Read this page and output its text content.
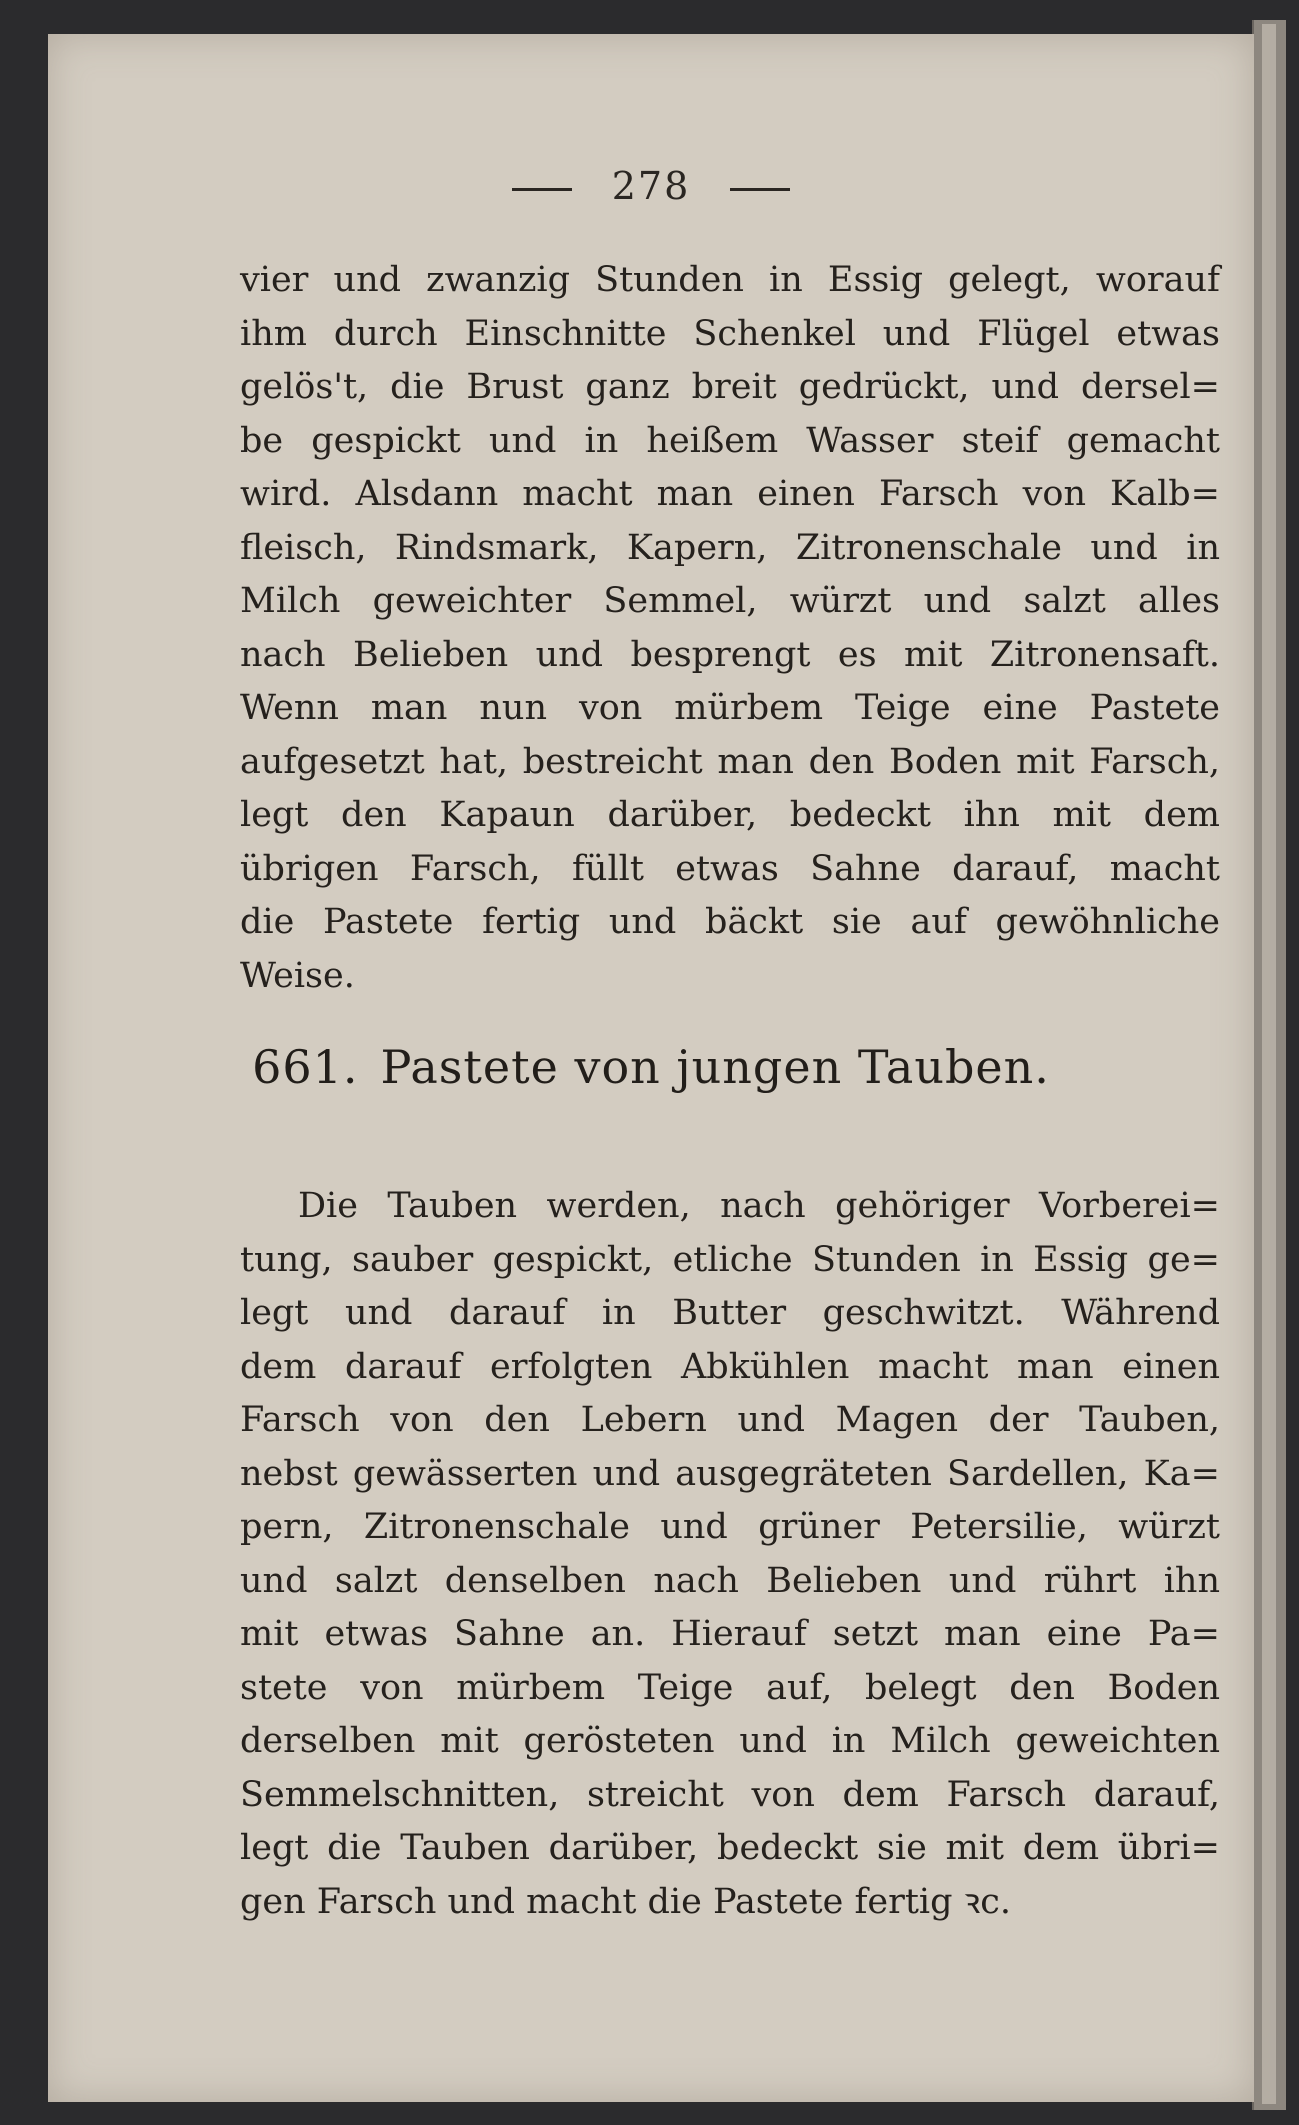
278
vier und zwanzig Stunden in Essig gelegt, worauf
ihm durch Einschnitte Schenkel und Flügel etwas
gelös't, die Brust ganz breit gedrückt, und dersel=
be gespickt und in heißem Wasser steif gemacht
wird. Alsdann macht man einen Farsch von Kalb=
fleisch, Rindsmark, Kapern, Zitronenschale und in
Milch geweichter Semmel, würzt und salzt alles
nach Belieben und besprengt es mit Zitronensaft.
Wenn man nun von mürbem Teige eine Pastete
aufgesetzt hat, bestreicht man den Boden mit Farsch,
legt den Kapaun darüber, bedeckt ihn mit dem
übrigen Farsch, füllt etwas Sahne darauf, macht
die Pastete fertig und bäckt sie auf gewöhnliche
Weise.
661. Pastete von jungen Tauben.
Die Tauben werden, nach gehöriger Vorberei=
tung, sauber gespickt, etliche Stunden in Essig ge=
legt und darauf in Butter geschwitzt. Während
dem darauf erfolgten Abkühlen macht man einen
Farsch von den Lebern und Magen der Tauben,
nebst gewässerten und ausgegräteten Sardellen, Ka=
pern, Zitronenschale und grüner Petersilie, würzt
und salzt denselben nach Belieben und rührt ihn
mit etwas Sahne an. Hierauf setzt man eine Pa=
stete von mürbem Teige auf, belegt den Boden
derselben mit gerösteten und in Milch geweichten
Semmelschnitten, streicht von dem Farsch darauf,
legt die Tauben darüber, bedeckt sie mit dem übri=
gen Farsch und macht die Pastete fertig ꝛc.
